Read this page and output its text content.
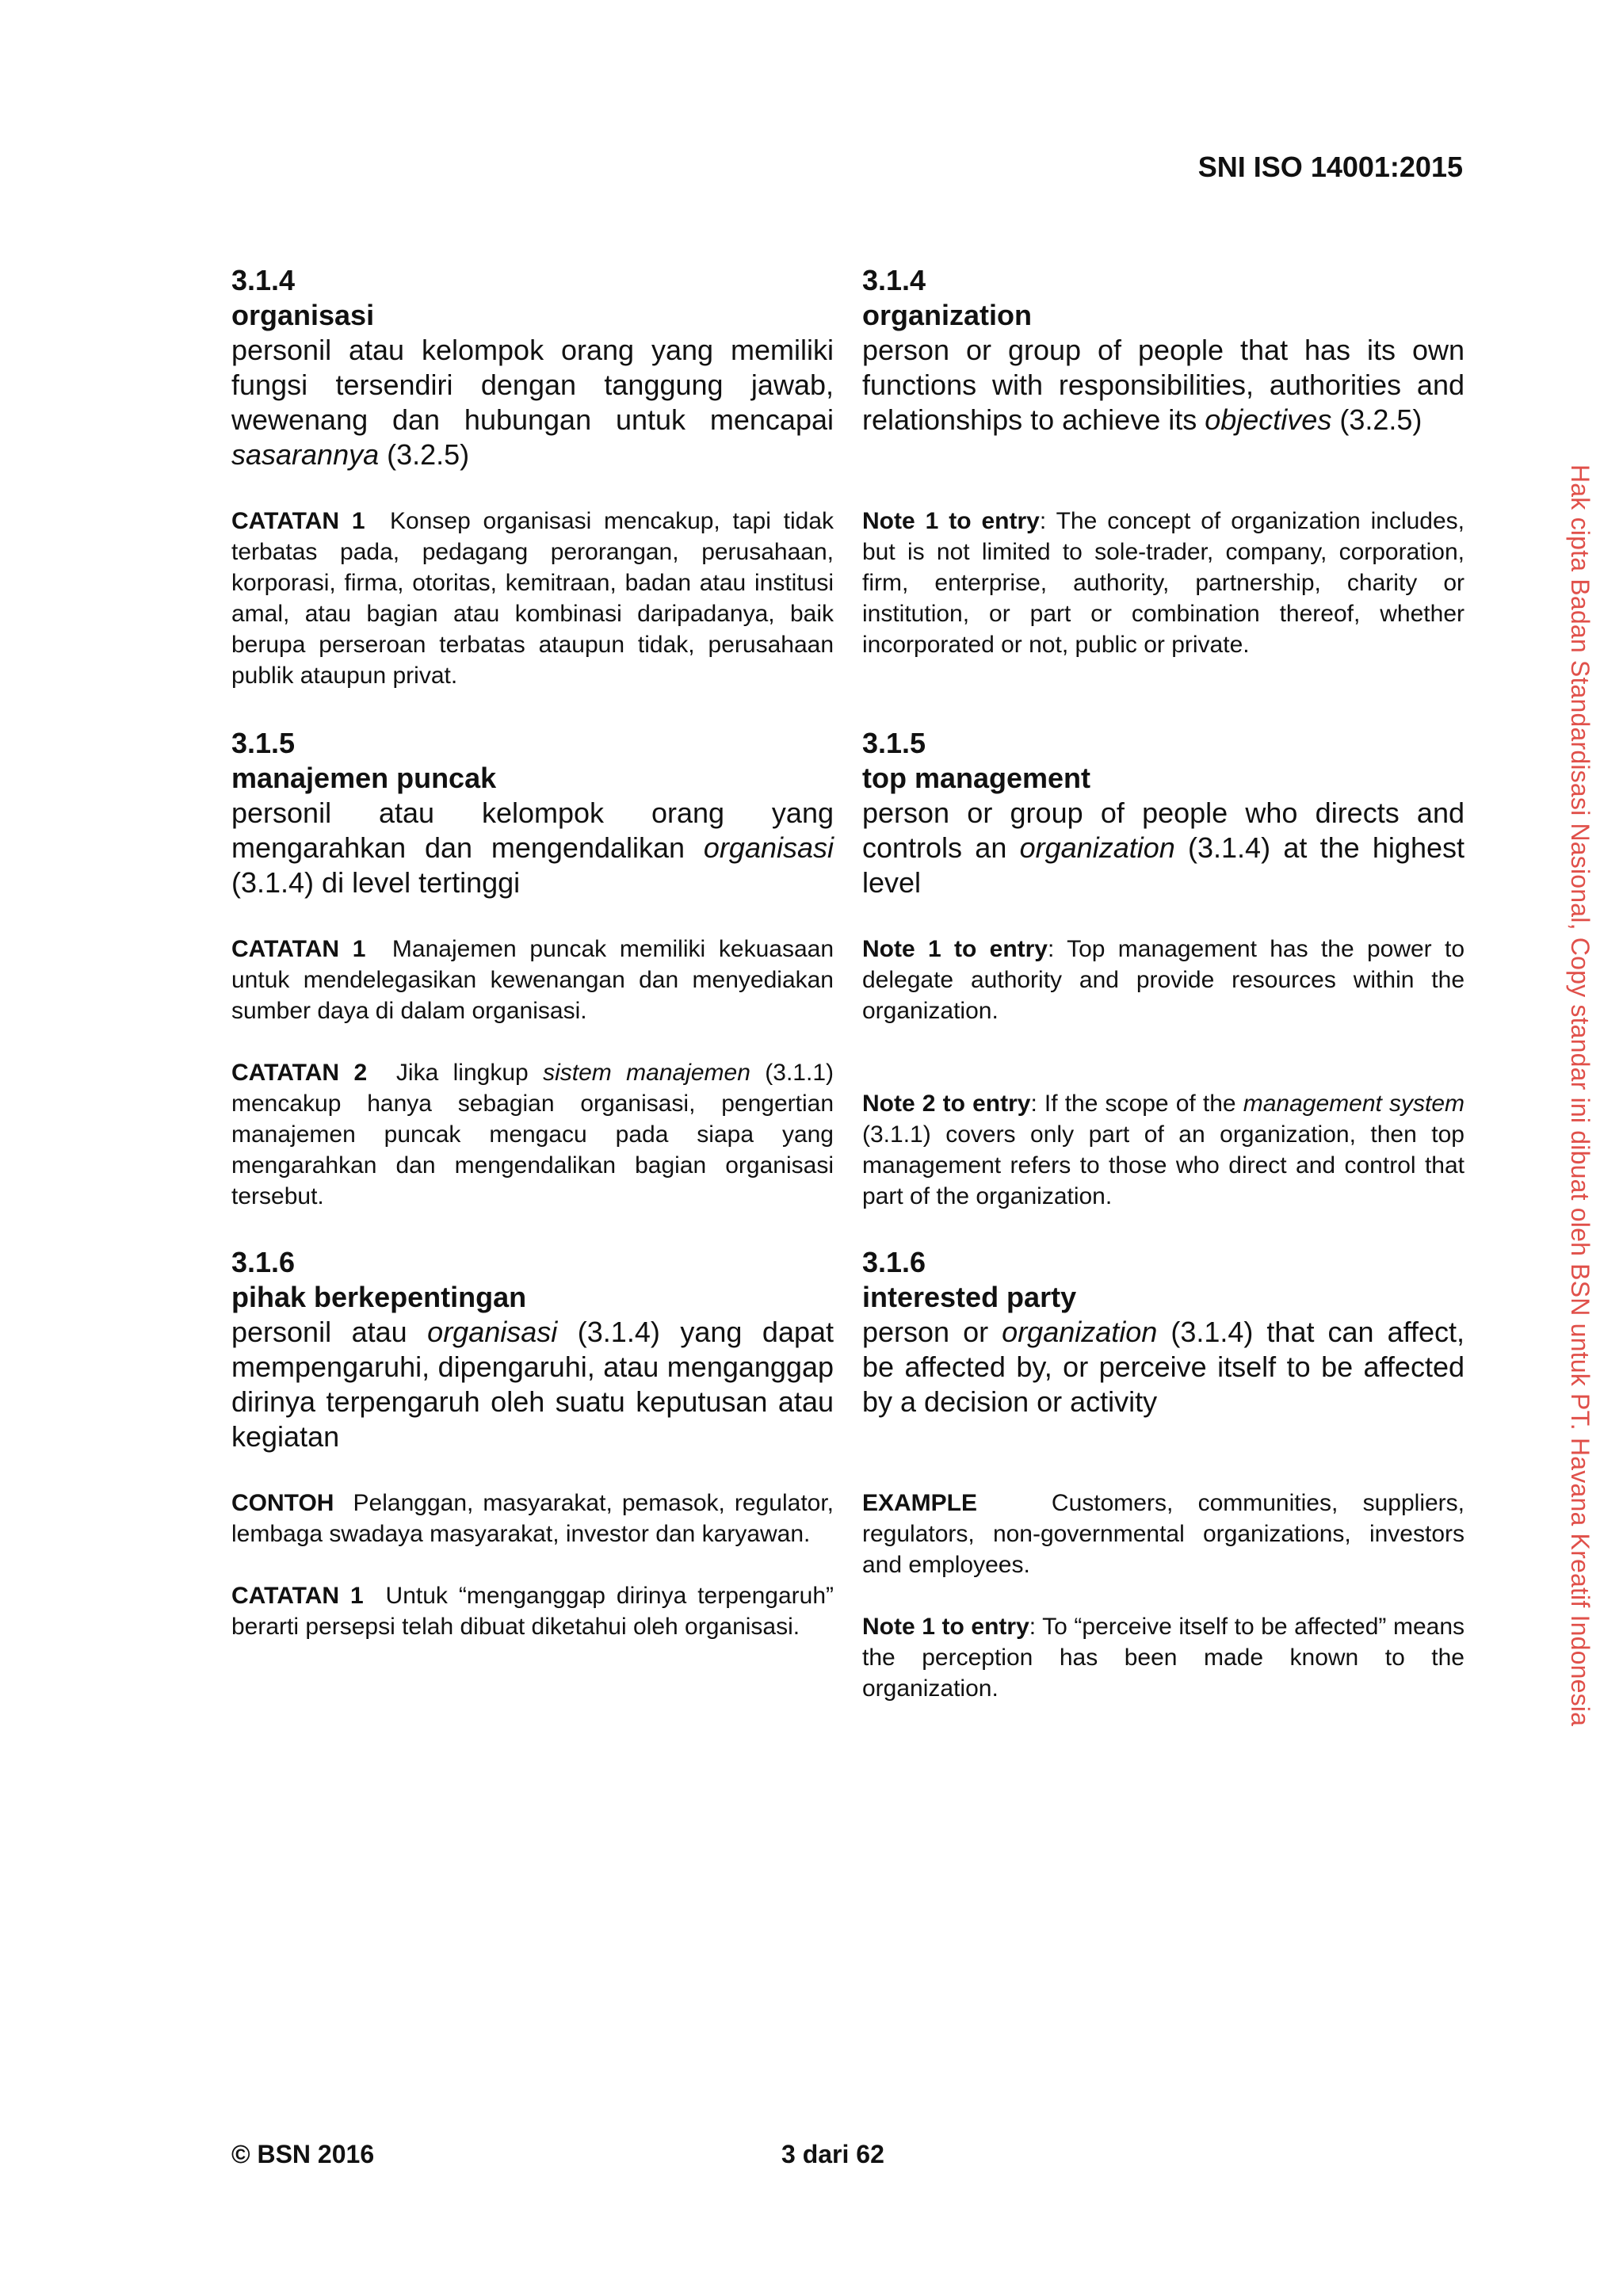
SNI ISO 14001:2015

3.1.4

organisasi

personil atau kelompok orang yang memiliki fungsi tersendiri dengan tanggung jawab, wewenang dan hubungan untuk mencapai sasarannya (3.2.5)

CATATAN 1 Konsep organisasi mencakup, tapi tidak terbatas pada, pedagang perorangan, perusahaan, korporasi, firma, otoritas, kemitraan, badan atau institusi amal, atau bagian atau kombinasi daripadanya, baik berupa perseroan terbatas ataupun tidak, perusahaan publik ataupun privat.

3.1.5

manajemen puncak

personil atau kelompok orang yang mengarahkan dan mengendalikan organisasi (3.1.4) di level tertinggi

CATATAN 1 Manajemen puncak memiliki kekuasaan untuk mendelegasikan kewenangan dan menyediakan sumber daya di dalam organisasi.

CATATAN 2 Jika lingkup sistem manajemen (3.1.1) mencakup hanya sebagian organisasi, pengertian manajemen puncak mengacu pada siapa yang mengarahkan dan mengendalikan bagian organisasi tersebut.

3.1.6

pihak berkepentingan

personil atau organisasi (3.1.4) yang dapat mempengaruhi, dipengaruhi, atau menganggap dirinya terpengaruh oleh suatu keputusan atau kegiatan

CONTOH Pelanggan, masyarakat, pemasok, regulator, lembaga swadaya masyarakat, investor dan karyawan.

CATATAN 1 Untuk “menganggap dirinya terpengaruh” berarti persepsi telah dibuat diketahui oleh organisasi.

3.1.4

organization

person or group of people that has its own functions with responsibilities, authorities and relationships to achieve its objectives (3.2.5)

Note 1 to entry: The concept of organization includes, but is not limited to sole-trader, company, corporation, firm, enterprise, authority, partnership, charity or institution, or part or combination thereof, whether incorporated or not, public or private.

3.1.5

top management

person or group of people who directs and controls an organization (3.1.4) at the highest level

Note 1 to entry: Top management has the power to delegate authority and provide resources within the organization.

Note 2 to entry: If the scope of the management system (3.1.1) covers only part of an organization, then top management refers to those who direct and control that part of the organization.

3.1.6

interested party

person or organization (3.1.4) that can affect, be affected by, or perceive itself to be affected by a decision or activity

EXAMPLE	Customers, communities, suppliers, regulators, non-governmental organizations, investors and employees.

Note 1 to entry: To “perceive itself to be affected” means the perception has been made known to the organization.	Hak cipta Badan Standardisasi Nasional, Copy standar ini dibuat oleh BSN untuk PT. Havana Kreatif Indonesia
© BSN 2016	3 dari 62
